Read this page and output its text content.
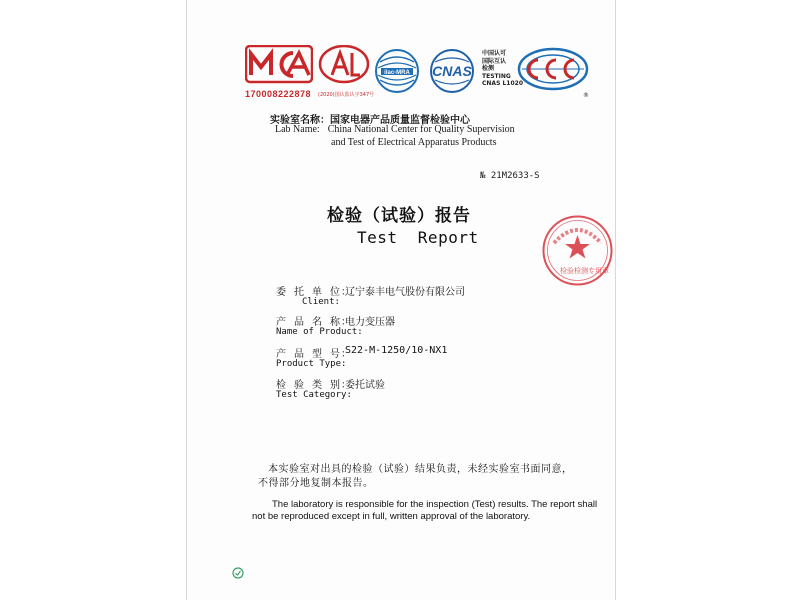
170008222878	(2020)国认监认字347号
ilac-MRA CNAS
中国认可
国际互认
检测
TESTING
CNAS L1020
®
实验室名称：国家电器产品质量监督检验中心
Lab Name: China National Center for Quality Supervision
and Test of Electrical Apparatus Products
№ 21M2633-S
检验（试验）报告
Test  Report
检验检测专用章
委 托 单 位：
辽宁泰丰电气股份有限公司
Client:
产 品 名 称：
电力变压器
Name of Product:
产 品 型 号：
S22-M-1250/10-NX1
Product Type:
检 验 类 别：
委托试验
Test Category:
本实验室对出具的检验（试验）结果负责，未经实验室书面同意，
不得部分地复制本报告。
The laboratory is responsible for the inspection (Test) results. The report shall
not be reproduced except in full, written approval of the laboratory.
